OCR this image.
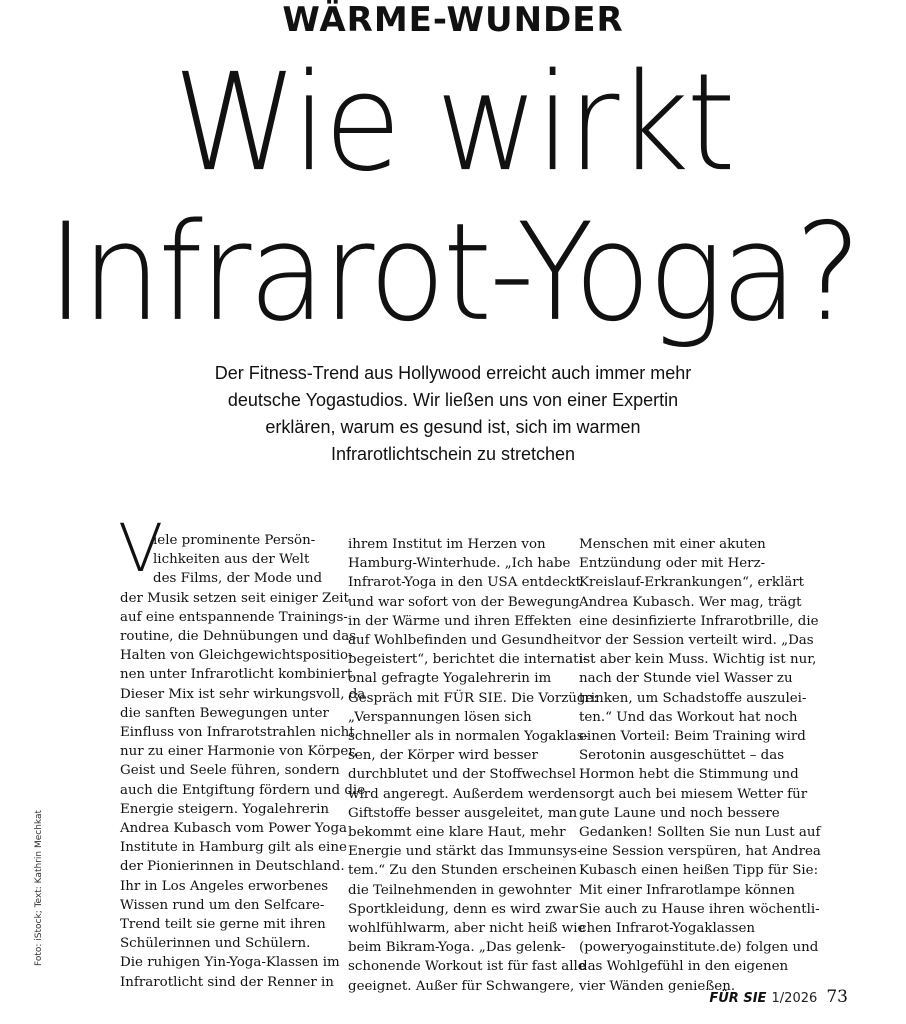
WÄRME-WUNDER
Wie wirkt
Infrarot-Yoga?

Der Fitness-Trend aus Hollywood erreicht auch immer mehr deutsche Yogastudios. Wir ließen uns von einer Expertin erklären, warum es gesund ist, sich im warmen Infrarotlichtschein zu stretchen

V
iele prominente Persön-
lichkeiten aus der Welt
des Films, der Mode und
der Musik setzen seit einiger Zeit
auf eine entspannende Trainings-
routine, die Dehnübungen und das
Halten von Gleichgewichtspositio-
nen unter Infrarotlicht kombiniert.
Dieser Mix ist sehr wirkungsvoll, da
die sanften Bewegungen unter
Einfluss von Infrarotstrahlen nicht
nur zu einer Harmonie von Körper,
Geist und Seele führen, sondern
auch die Entgiftung fördern und die
Energie steigern. Yogalehrerin
Andrea Kubasch vom Power Yoga
Institute in Hamburg gilt als eine
der Pionierinnen in Deutschland.
Ihr in Los Angeles erworbenes
Wissen rund um den Selfcare-
Trend teilt sie gerne mit ihren
Schülerinnen und Schülern.
Die ruhigen Yin-Yoga-Klassen im
Infrarotlicht sind der Renner in
ihrem Institut im Herzen von
Hamburg-Winterhude. „Ich habe
Infrarot-Yoga in den USA entdeckt
und war sofort von der Bewegung
in der Wärme und ihren Effekten
auf Wohlbefinden und Gesundheit
begeistert“, berichtet die internati-
onal gefragte Yogalehrerin im
Gespräch mit FÜR SIE. Die Vorzüge:
„Verspannungen lösen sich
schneller als in normalen Yogaklas-
sen, der Körper wird besser
durchblutet und der Stoffwechsel
wird angeregt. Außerdem werden
Giftstoffe besser ausgeleitet, man
bekommt eine klare Haut, mehr
Energie und stärkt das Immunsys-
tem.“ Zu den Stunden erscheinen
die Teilnehmenden in gewohnter
Sportkleidung, denn es wird zwar
wohlfühlwarm, aber nicht heiß wie
beim Bikram-Yoga. „Das gelenk-
schonende Workout ist für fast alle
geeignet. Außer für Schwangere,
Menschen mit einer akuten
Entzündung oder mit Herz-
Kreislauf-Erkrankungen“, erklärt
Andrea Kubasch. Wer mag, trägt
eine desinfizierte Infrarotbrille, die
vor der Session verteilt wird. „Das
ist aber kein Muss. Wichtig ist nur,
nach der Stunde viel Wasser zu
trinken, um Schadstoffe auszulei-
ten.“ Und das Workout hat noch
einen Vorteil: Beim Training wird
Serotonin ausgeschüttet – das
Hormon hebt die Stimmung und
sorgt auch bei miesem Wetter für
gute Laune und noch bessere
Gedanken! Sollten Sie nun Lust auf
eine Session verspüren, hat Andrea
Kubasch einen heißen Tipp für Sie:
Mit einer Infrarotlampe können
Sie auch zu Hause ihren wöchentli-
chen Infrarot-Yogaklassen
(poweryogainstitute.de) folgen und
das Wohlgefühl in den eigenen
vier Wänden genießen.
Foto: iStock; Text: Kathrin Mechkat
FÜR SIE 1/2026 73
